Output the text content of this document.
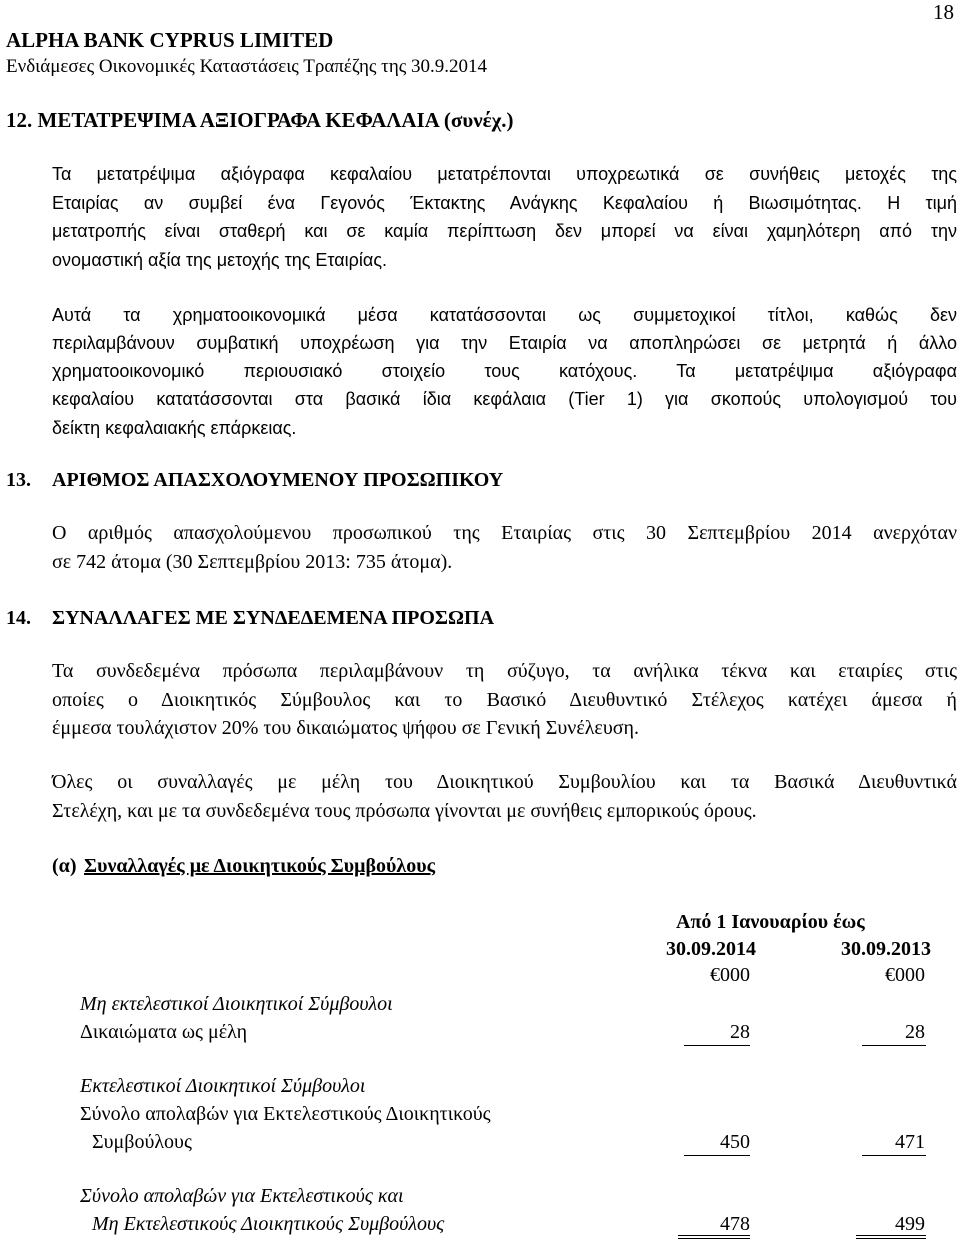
18
ALPHA BANK CYPRUS LIMITED
Ενδιάμεσες Οικονομικές Καταστάσεις Τραπέζης της 30.9.2014
12. ΜΕΤΑΤΡΕΨΙΜΑ ΑΞΙΟΓΡΑΦΑ ΚΕΦΑΛΑΙΑ (συνέχ.)
Τα μετατρέψιμα αξιόγραφα κεφαλαίου μετατρέπονται υποχρεωτικά σε συνήθεις μετοχές της
Εταιρίας αν συμβεί ένα Γεγονός Έκτακτης Ανάγκης Κεφαλαίου ή Βιωσιμότητας. Η τιμή
μετατροπής είναι σταθερή και σε καμία περίπτωση δεν μπορεί να είναι χαμηλότερη από την
ονομαστική αξία της μετοχής της Εταιρίας.
Αυτά τα χρηματοοικονομικά μέσα κατατάσσονται ως συμμετοχικοί τίτλοι, καθώς δεν
περιλαμβάνουν συμβατική υποχρέωση για την Εταιρία να αποπληρώσει σε μετρητά ή άλλο
χρηματοοικονομικό περιουσιακό στοιχείο τους κατόχους. Τα μετατρέψιμα αξιόγραφα
κεφαλαίου κατατάσσονται στα βασικά ίδια κεφάλαια (Tier 1) για σκοπούς υπολογισμού του
δείκτη κεφαλαιακής επάρκειας.
13. ΑΡΙΘΜΟΣ ΑΠΑΣΧΟΛΟΥΜΕΝΟΥ ΠΡΟΣΩΠΙΚΟΥ
Ο αριθμός απασχολούμενου προσωπικού της Εταιρίας στις 30 Σεπτεμβρίου 2014 ανερχόταν
σε 742 άτομα (30 Σεπτεμβρίου 2013: 735 άτομα).
14. ΣΥΝΑΛΛΑΓΕΣ ΜΕ ΣΥΝΔΕΔΕΜΕΝΑ ΠΡΟΣΩΠΑ
Τα συνδεδεμένα πρόσωπα περιλαμβάνουν τη σύζυγο, τα ανήλικα τέκνα και εταιρίες στις
οποίες ο Διοικητικός Σύμβουλος και το Βασικό Διευθυντικό Στέλεχος κατέχει άμεσα ή
έμμεσα τουλάχιστον 20% του δικαιώματος ψήφου σε Γενική Συνέλευση.
Όλες οι συναλλαγές με μέλη του Διοικητικού Συμβουλίου και τα Βασικά Διευθυντικά
Στελέχη, και με τα συνδεδεμένα τους πρόσωπα γίνονται με συνήθεις εμπορικούς όρους.
(α) Συναλλαγές με Διοικητικούς Συμβούλους
Από 1 Ιανουαρίου έως
30.09.2014	30.09.2013
€000	€000
Μη εκτελεστικοί Διοικητικοί Σύμβουλοι
Δικαιώματα ως μέλη	28	28
Εκτελεστικοί Διοικητικοί Σύμβουλοι
Σύνολο απολαβών για Εκτελεστικούς Διοικητικούς
Συμβούλους	450	471
Σύνολο απολαβών για Εκτελεστικούς και
Μη Εκτελεστικούς Διοικητικούς Συμβούλους	478	499
